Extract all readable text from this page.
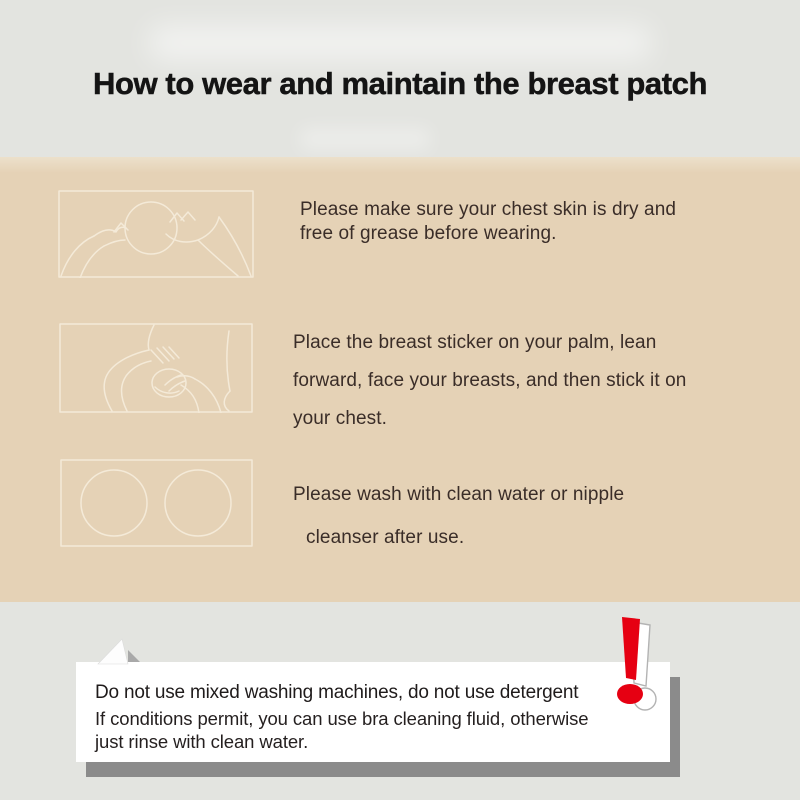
How to wear and maintain the breast patch
Please make sure your chest skin is dry and
free of grease before wearing.
Place the breast sticker on your palm, lean
forward, face your breasts, and then stick it on
your chest.
Please wash with clean water or nipple
cleanser after use.

Do not use mixed washing machines, do not use detergent

If conditions permit, you can use bra cleaning fluid, otherwise
just rinse with clean water.
